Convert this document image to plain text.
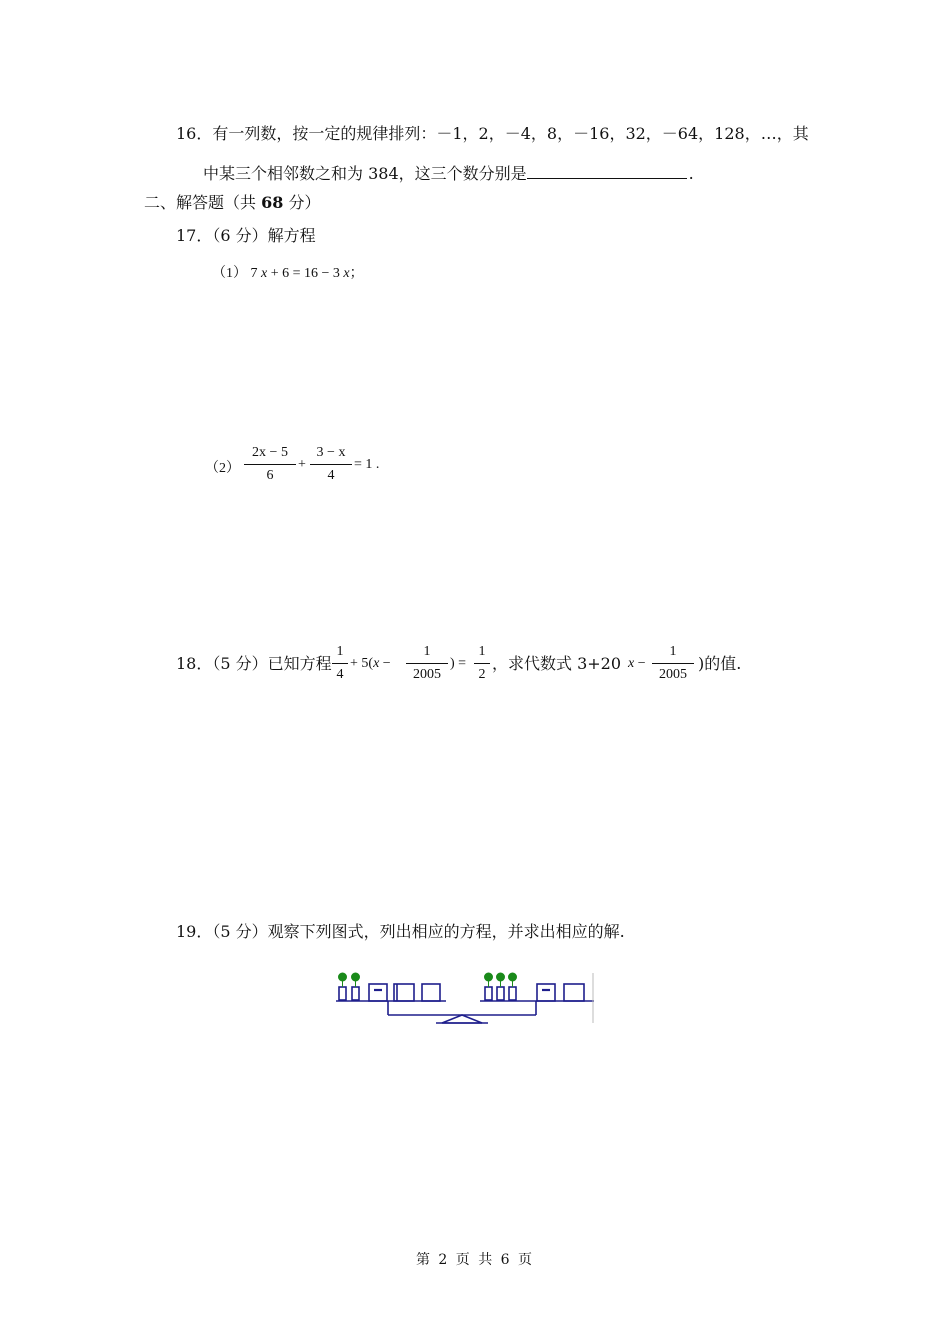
16．有一列数，按一定的规律排列：－1，2，－4，8，－16，32，－64，128，…，其
中某三个相邻数之和为 384，这三个数分别是	.
二、解答题（共 68 分）
17．（6 分）解方程
（1） 7 x + 6 = 16 − 3 x；
（2）
2x − 5
6
+
3 − x
4
= 1 .
18．（5 分）已知方程
1
4
+ 5(x −
1
2005
) =
1
2
，求代数式 3+20 x −
1
2005
)的值.
19．（5 分）观察下列图式，列出相应的方程，并求出相应的解.
第 2 页 共 6 页
